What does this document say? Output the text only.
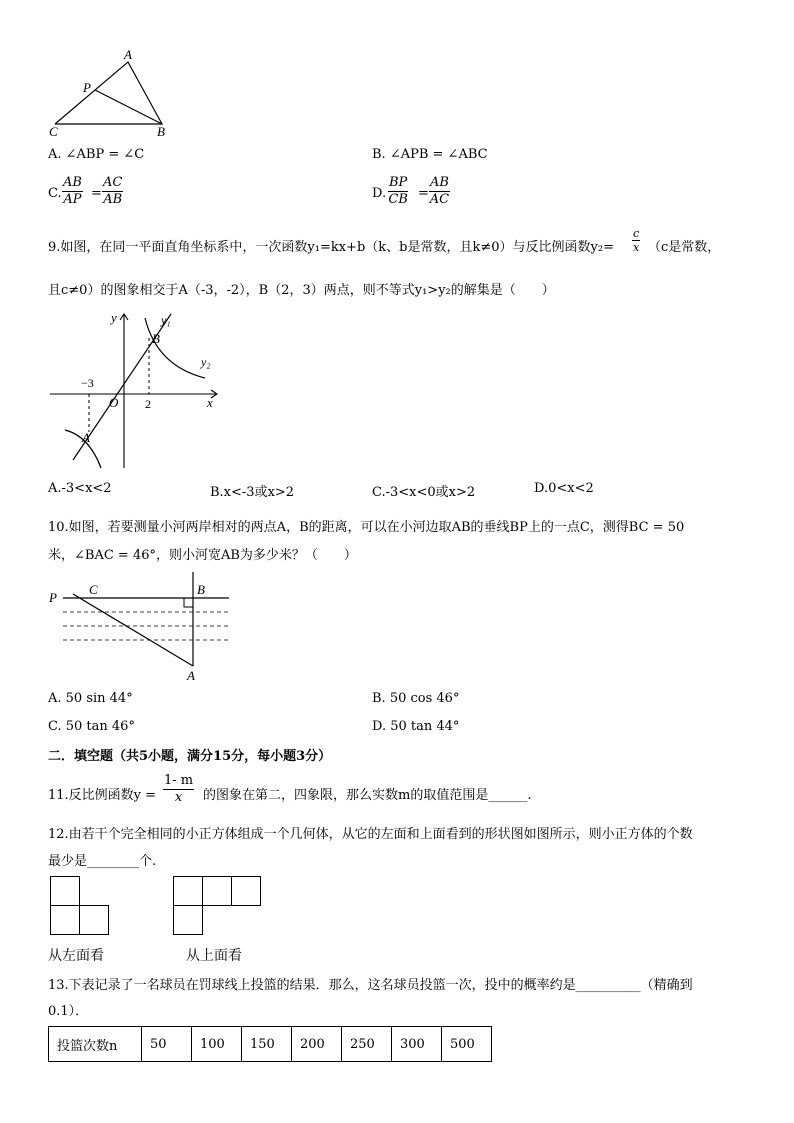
A
P
C	B
A. ∠ABP = ∠C	B. ∠APB = ∠ABC
C. $\frac{AB}{AP} = \frac{AC}{AB}$	D. $\frac{BP}{CB} = \frac{AB}{AC}$
9.如图，在同一平面直角坐标系中，一次函数y₁=kx+b（k、b是常数，且k≠0）与反比例函数$y_2= \frac{c}{x} (c$是常数，
且c≠0）的图象相交于A（-3，-2），B（2，3）两点，则不等式y₁>y₂的解集是（　　）
y
x
y₁
y₂
B
A
O
−3
2
A.-3<x<2	B.x<-3或x>2	C.-3<x<0或x>2	D.0<x<2
10.如图，若要测量小河两岸相对的两点A，B的距离，可以在小河边取AB的垂线BP上的一点C，测得BC = 50
米，∠BAC = 46°，则小河宽AB为多少米？（　　）
P
C	B
A
A. 50 sin 44°	B. 50 cos 46°
C. 50 tan 46°	D. 50 tan 44°
二．填空题（共5小题，满分15分，每小题3分）
11.反比例函数$y = \frac{1- m}{x}$ 的图象在第二，四象限，那么实数m的取值范围是______.
12.由若干个完全相同的小正方体组成一个几何体，从它的左面和上面看到的形状图如图所示，则小正方体的个数
最少是________个.
从左面看	从上面看
13.下表记录了一名球员在罚球线上投篮的结果．那么，这名球员投篮一次，投中的概率约是__________（精确到
0.1）．
投篮次数n	50	100	150	200	250	300	500
